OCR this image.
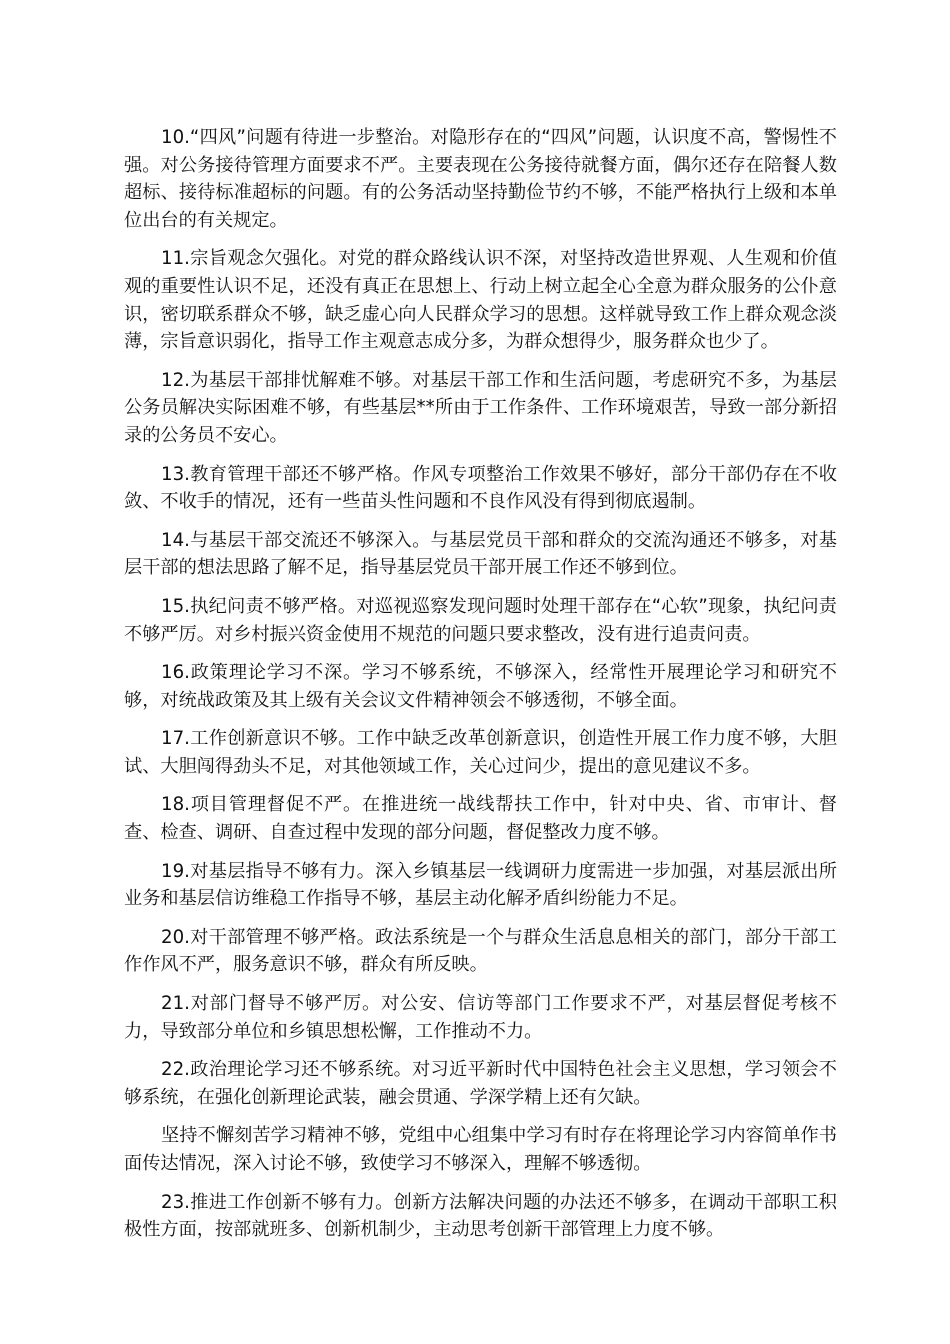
10.“四风”问题有待进一步整治。对隐形存在的“四风”问题，认识度不高，警惕性不强。对公务接待管理方面要求不严。主要表现在公务接待就餐方面，偶尔还存在陪餐人数超标、接待标准超标的问题。有的公务活动坚持勤俭节约不够，不能严格执行上级和本单位出台的有关规定。

11.宗旨观念欠强化。对党的群众路线认识不深，对坚持改造世界观、人生观和价值观的重要性认识不足，还没有真正在思想上、行动上树立起全心全意为群众服务的公仆意识，密切联系群众不够，缺乏虚心向人民群众学习的思想。这样就导致工作上群众观念淡薄，宗旨意识弱化，指导工作主观意志成分多，为群众想得少，服务群众也少了。

12.为基层干部排忧解难不够。对基层干部工作和生活问题，考虑研究不多，为基层公务员解决实际困难不够，有些基层**所由于工作条件、工作环境艰苦，导致一部分新招录的公务员不安心。

13.教育管理干部还不够严格。作风专项整治工作效果不够好，部分干部仍存在不收敛、不收手的情况，还有一些苗头性问题和不良作风没有得到彻底遏制。

14.与基层干部交流还不够深入。与基层党员干部和群众的交流沟通还不够多，对基层干部的想法思路了解不足，指导基层党员干部开展工作还不够到位。

15.执纪问责不够严格。对巡视巡察发现问题时处理干部存在“心软”现象，执纪问责不够严厉。对乡村振兴资金使用不规范的问题只要求整改，没有进行追责问责。

16.政策理论学习不深。学习不够系统，不够深入，经常性开展理论学习和研究不够，对统战政策及其上级有关会议文件精神领会不够透彻，不够全面。

17.工作创新意识不够。工作中缺乏改革创新意识，创造性开展工作力度不够，大胆试、大胆闯得劲头不足，对其他领域工作，关心过问少，提出的意见建议不多。

18.项目管理督促不严。在推进统一战线帮扶工作中，针对中央、省、市审计、督查、检查、调研、自查过程中发现的部分问题，督促整改力度不够。

19.对基层指导不够有力。深入乡镇基层一线调研力度需进一步加强，对基层派出所业务和基层信访维稳工作指导不够，基层主动化解矛盾纠纷能力不足。

20.对干部管理不够严格。政法系统是一个与群众生活息息相关的部门，部分干部工作作风不严，服务意识不够，群众有所反映。

21.对部门督导不够严厉。对公安、信访等部门工作要求不严，对基层督促考核不力，导致部分单位和乡镇思想松懈，工作推动不力。

22.政治理论学习还不够系统。对习近平新时代中国特色社会主义思想，学习领会不够系统，在强化创新理论武装，融会贯通、学深学精上还有欠缺。

坚持不懈刻苦学习精神不够，党组中心组集中学习有时存在将理论学习内容简单作书面传达情况，深入讨论不够，致使学习不够深入，理解不够透彻。

23.推进工作创新不够有力。创新方法解决问题的办法还不够多，在调动干部职工积极性方面，按部就班多、创新机制少，主动思考创新干部管理上力度不够。
